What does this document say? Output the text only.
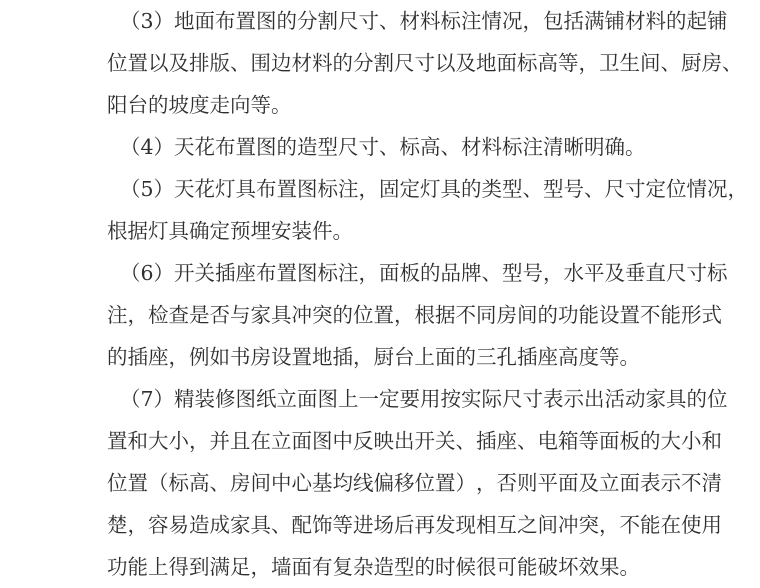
（ 3 ） 地 面 布 置 图 的 分 割 尺 寸 、 材 料 标 注 情 况 ， 包 括 满 铺 材 料 的 起 铺
位 置 以 及 排 版 、 围 边 材 料 的 分 割 尺 寸 以 及 地 面 标 高 等 ， 卫 生 间 、 厨 房 、
阳台的坡度走向等。
（4）天花布置图的造型尺寸、标高、材料标注清晰明确。
（ 5 ） 天 花 灯 具 布 置 图 标 注 ， 固 定 灯 具 的 类 型 、 型 号 、 尺 寸 定 位 情 况 ，
根据灯具确定预埋安装件。
（ 6 ） 开 关 插 座 布 置 图 标 注 ， 面 板 的 品 牌 、 型 号 ， 水 平 及 垂 直 尺 寸 标
注 ， 检 查 是 否 与 家 具 冲 突 的 位 置 ， 根 据 不 同 房 间 的 功 能 设 置 不 能 形 式
的插座，例如书房设置地插，厨台上面的三孔插座高度等。
（ 7 ） 精 装 修 图 纸 立 面 图 上 一 定 要 用 按 实 际 尺 寸 表 示 出 活 动 家 具 的 位
置 和 大 小 ， 并 且 在 立 面 图 中 反 映 出 开 关 、 插 座 、 电 箱 等 面 板 的 大 小 和
位 置 （ 标 高 、 房 间 中 心 基 均 线 偏 移 位 置 ） ， 否 则 平 面 及 立 面 表 示 不 清
楚 ， 容 易 造 成 家 具 、 配 饰 等 进 场 后 再 发 现 相 互 之 间 冲 突 ， 不 能 在 使 用
功能上得到满足，墙面有复杂造型的时候很可能破坏效果。
